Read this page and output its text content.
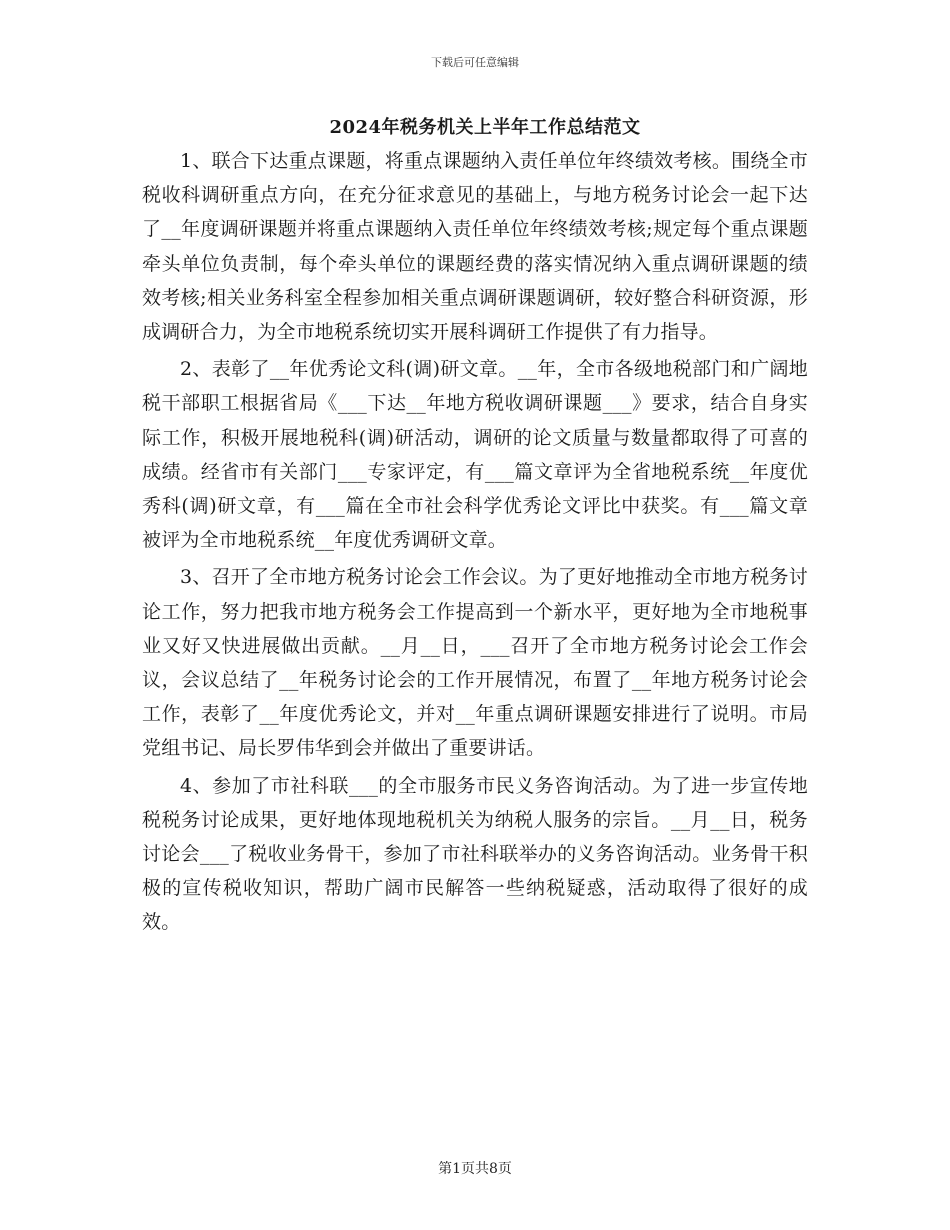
下载后可任意编辑
2024年税务机关上半年工作总结范文

1、联合下达重点课题，将重点课题纳入责任单位年终绩效考核。围绕全市税收科调研重点方向，在充分征求意见的基础上，与地方税务讨论会一起下达了__年度调研课题并将重点课题纳入责任单位年终绩效考核;规定每个重点课题牵头单位负责制，每个牵头单位的课题经费的落实情况纳入重点调研课题的绩效考核;相关业务科室全程参加相关重点调研课题调研，较好整合科研资源，形成调研合力，为全市地税系统切实开展科调研工作提供了有力指导。

2、表彰了__年优秀论文科(调)研文章。__年，全市各级地税部门和广阔地税干部职工根据省局《___下达__年地方税收调研课题___》要求，结合自身实际工作，积极开展地税科(调)研活动，调研的论文质量与数量都取得了可喜的成绩。经省市有关部门___专家评定，有___篇文章评为全省地税系统__年度优秀科(调)研文章，有___篇在全市社会科学优秀论文评比中获奖。有___篇文章被评为全市地税系统__年度优秀调研文章。

3、召开了全市地方税务讨论会工作会议。为了更好地推动全市地方税务讨论工作，努力把我市地方税务会工作提高到一个新水平，更好地为全市地税事业又好又快进展做出贡献。__月__日，___召开了全市地方税务讨论会工作会议，会议总结了__年税务讨论会的工作开展情况，布置了__年地方税务讨论会工作，表彰了__年度优秀论文，并对__年重点调研课题安排进行了说明。市局党组书记、局长罗伟华到会并做出了重要讲话。

4、参加了市社科联___的全市服务市民义务咨询活动。为了进一步宣传地税税务讨论成果，更好地体现地税机关为纳税人服务的宗旨。__月__日，税务讨论会___了税收业务骨干，参加了市社科联举办的义务咨询活动。业务骨干积极的宣传税收知识，帮助广阔市民解答一些纳税疑惑，活动取得了很好的成效。

第1页共8页
